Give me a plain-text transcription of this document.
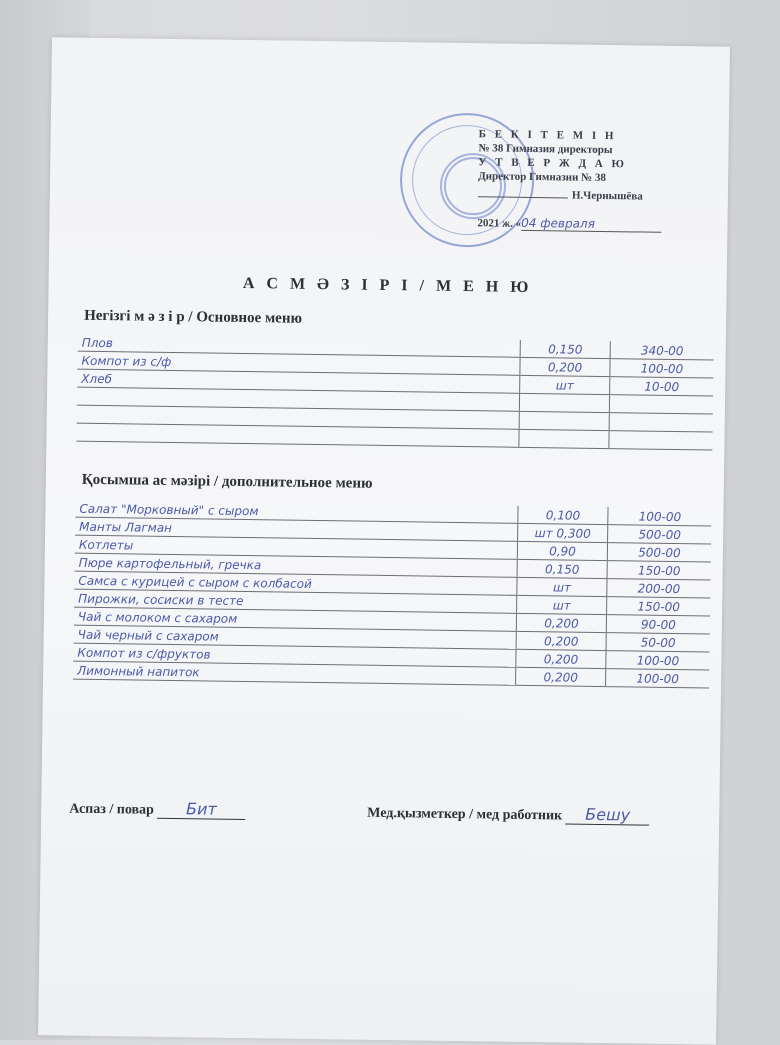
Б Е К І Т Е М І Н
№ 38 Гимназия директоры
У Т В Е Р Ж Д А Ю
Директор Гимназии № 38
Н.Чернышёва
2021 ж. «04 февраля
А С М Ә З І Р І / М Е Н Ю
Негізгі м ә з і р / Основное меню
Плов	0,150	340-00
Компот из с/ф	0,200	100-00
Хлеб	шт	10-00

Қосымша ас мәзірі / дополнительное меню
Салат "Морковный" с сыром	0,100	100-00
Манты Лагман	шт 0,300	500-00
Котлеты	0,90	500-00
Пюре картофельный, гречка	0,150	150-00
Самса с курицей с сыром с колбасой	шт	200-00
Пирожки, сосиски в тесте	шт	150-00
Чай с молоком с сахаром	0,200	90-00
Чай черный с сахаром	0,200	50-00
Компот из с/фруктов	0,200	100-00
Лимонный напиток	0,200	100-00
Аспаз / повар Бит	Мед.қызметкер / мед работник Бешу
